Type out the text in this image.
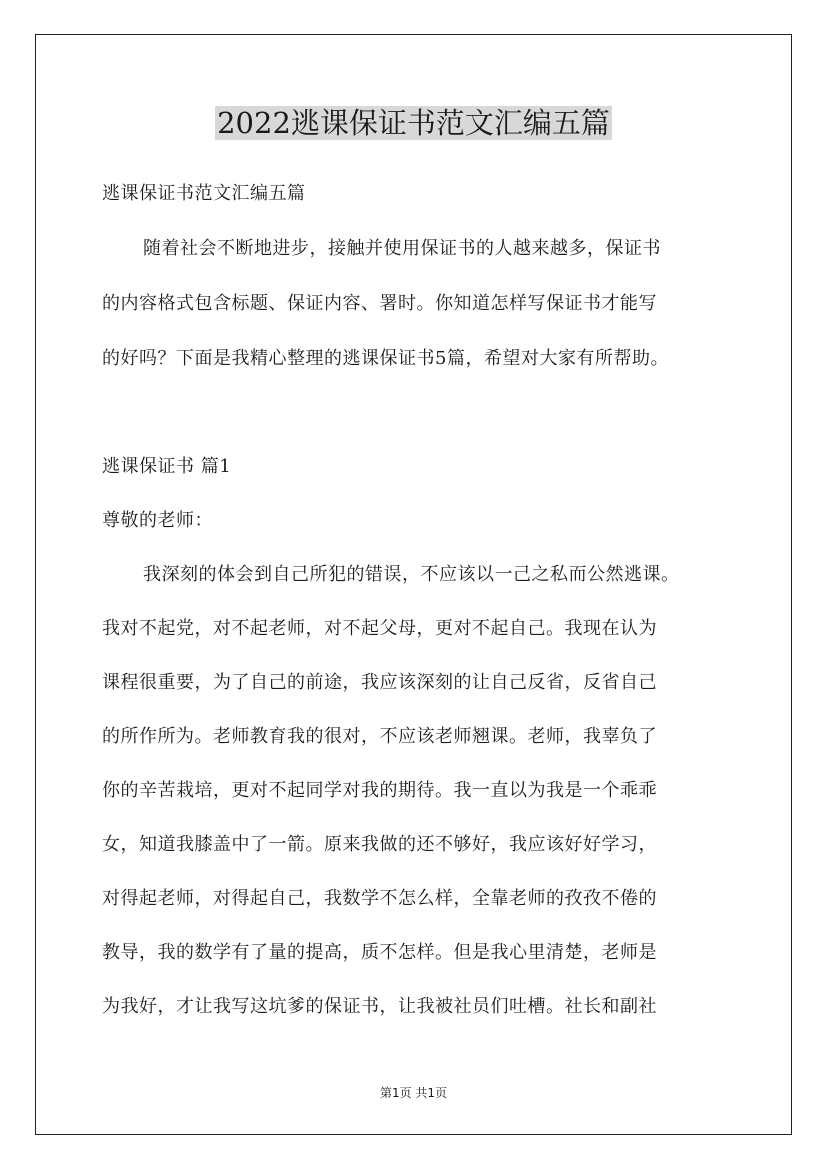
2022逃课保证书范文汇编五篇
逃课保证书范文汇编五篇
随着社会不断地进步，接触并使用保证书的人越来越多，保证书
的内容格式包含标题、保证内容、署时。你知道怎样写保证书才能写
的好吗？下面是我精心整理的逃课保证书5篇，希望对大家有所帮助。
逃课保证书 篇1
尊敬的老师：
我深刻的体会到自己所犯的错误，不应该以一己之私而公然逃课。
我对不起党，对不起老师，对不起父母，更对不起自己。我现在认为
课程很重要，为了自己的前途，我应该深刻的让自己反省，反省自己
的所作所为。老师教育我的很对，不应该老师翘课。老师，我辜负了
你的辛苦栽培，更对不起同学对我的期待。我一直以为我是一个乖乖
女，知道我膝盖中了一箭。原来我做的还不够好，我应该好好学习，
对得起老师，对得起自己，我数学不怎么样，全靠老师的孜孜不倦的
教导，我的数学有了量的提高，质不怎样。但是我心里清楚，老师是
为我好，才让我写这坑爹的保证书，让我被社员们吐槽。社长和副社
第1页 共1页
